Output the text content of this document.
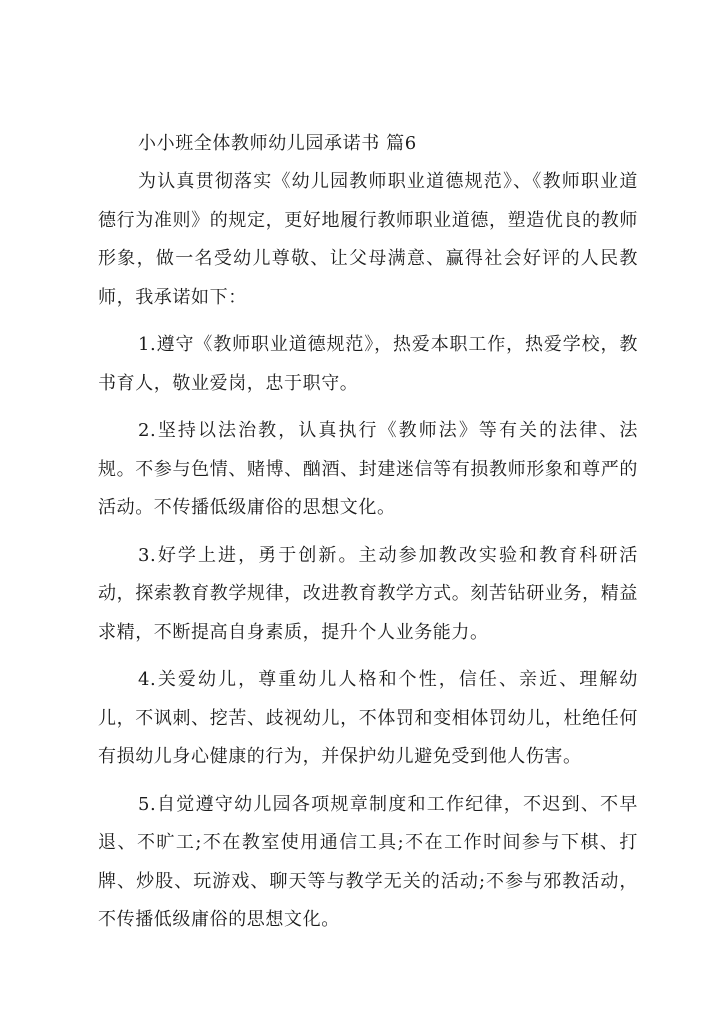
小小班全体教师幼儿园承诺书 篇6

为认真贯彻落实《幼儿园教师职业道德规范》、《教师职业道德行为准则》的规定，更好地履行教师职业道德，塑造优良的教师形象，做一名受幼儿尊敬、让父母满意、赢得社会好评的人民教师，我承诺如下：

1.遵守《教师职业道德规范》，热爱本职工作，热爱学校，教书育人，敬业爱岗，忠于职守。

2.坚持以法治教，认真执行《教师法》等有关的法律、法规。不参与色情、赌博、酗酒、封建迷信等有损教师形象和尊严的活动。不传播低级庸俗的思想文化。

3.好学上进，勇于创新。主动参加教改实验和教育科研活动，探索教育教学规律，改进教育教学方式。刻苦钻研业务，精益求精，不断提高自身素质，提升个人业务能力。

4.关爱幼儿，尊重幼儿人格和个性，信任、亲近、理解幼儿，不讽刺、挖苦、歧视幼儿，不体罚和变相体罚幼儿，杜绝任何有损幼儿身心健康的行为，并保护幼儿避免受到他人伤害。

5.自觉遵守幼儿园各项规章制度和工作纪律，不迟到、不早退、不旷工;不在教室使用通信工具;不在工作时间参与下棋、打牌、炒股、玩游戏、聊天等与教学无关的活动;不参与邪教活动，不传播低级庸俗的思想文化。
